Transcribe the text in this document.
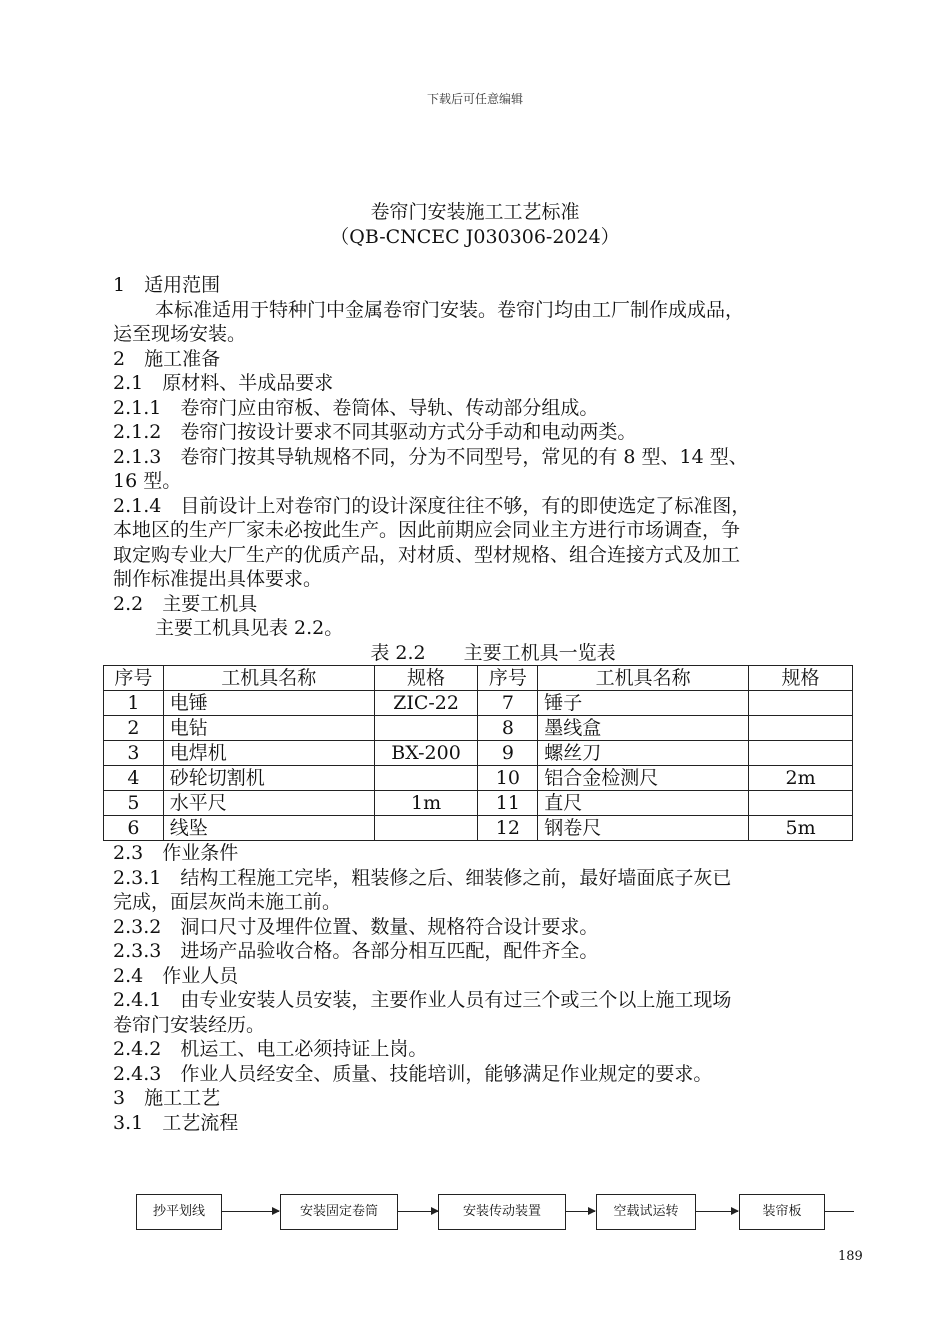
下载后可任意编辑
卷帘门安装施工工艺标准
（QB-CNCEC J030306-2024）
1　适用范围
本标准适用于特种门中金属卷帘门安装。卷帘门均由工厂制作成成品，
运至现场安装。
2　施工准备
2.1　原材料、半成品要求
2.1.1　卷帘门应由帘板、卷筒体、导轨、传动部分组成。
2.1.2　卷帘门按设计要求不同其驱动方式分手动和电动两类。
2.1.3　卷帘门按其导轨规格不同，分为不同型号，常见的有 8 型、14 型、
16 型。
2.1.4　目前设计上对卷帘门的设计深度往往不够，有的即使选定了标准图，
本地区的生产厂家未必按此生产。因此前期应会同业主方进行市场调查，争
取定购专业大厂生产的优质产品，对材质、型材规格、组合连接方式及加工
制作标准提出具体要求。
2.2　主要工机具
主要工机具见表 2.2。
表 2.2　　主要工机具一览表
序号	工机具名称	规格	序号	工机具名称	规格
1	电锤	ZIC-22	7	锤子	
2	电钻		8	墨线盒	
3	电焊机	BX-200	9	螺丝刀	
4	砂轮切割机		10	铝合金检测尺	2m
5	水平尺	1m	11	直尺	
6	线坠		12	钢卷尺	5m
2.3　作业条件
2.3.1　结构工程施工完毕，粗装修之后、细装修之前，最好墙面底子灰已
完成，面层灰尚未施工前。
2.3.2　洞口尺寸及埋件位置、数量、规格符合设计要求。
2.3.3　进场产品验收合格。各部分相互匹配，配件齐全。
2.4　作业人员
2.4.1　由专业安装人员安装，主要作业人员有过三个或三个以上施工现场
卷帘门安装经历。
2.4.2　机运工、电工必须持证上岗。
2.4.3　作业人员经安全、质量、技能培训，能够满足作业规定的要求。
3　施工工艺
3.1　工艺流程
抄平划线	安装固定卷筒	安装传动装置	空载试运转	装帘板
189
